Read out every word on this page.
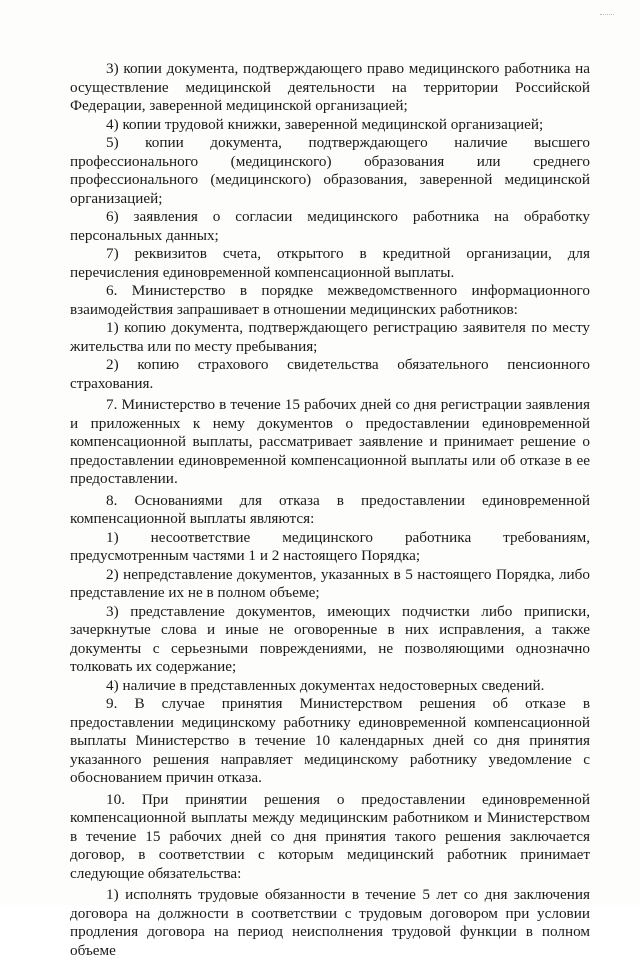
3) копии документа, подтверждающего право медицинского работника на осуществление медицинской деятельности на территории Российской Федерации, заверенной медицинской организацией;

4) копии трудовой книжки, заверенной медицинской организацией;

5) копии документа, подтверждающего наличие высшего профессионального (медицинского) образования или среднего профессионального (медицинского) образования, заверенной медицинской организацией;

6) заявления о согласии медицинского работника на обработку персональных данных;

7) реквизитов счета, открытого в кредитной организации, для перечисления единовременной компенсационной выплаты.

6. Министерство в порядке межведомственного информационного взаимодействия запрашивает в отношении медицинских работников:

1) копию документа, подтверждающего регистрацию заявителя по месту жительства или по месту пребывания;

2) копию страхового свидетельства обязательного пенсионного страхования.

7. Министерство в течение 15 рабочих дней со дня регистрации заявления и приложенных к нему документов о предоставлении единовременной компенсационной выплаты, рассматривает заявление и принимает решение о предоставлении единовременной компенсационной выплаты или об отказе в ее предоставлении.

8. Основаниями для отказа в предоставлении единовременной компенсационной выплаты являются:

1) несоответствие медицинского работника требованиям, предусмотренным частями 1 и 2 настоящего Порядка;

2) непредставление документов, указанных в 5 настоящего Порядка, либо представление их не в полном объеме;

3) представление документов, имеющих подчистки либо приписки, зачеркнутые слова и иные не оговоренные в них исправления, а также документы с серьезными повреждениями, не позволяющими однозначно толковать их содержание;

4) наличие в представленных документах недостоверных сведений.

9. В случае принятия Министерством решения об отказе в предоставлении медицинскому работнику единовременной компенсационной выплаты Министерство в течение 10 календарных дней со дня принятия указанного решения направляет медицинскому работнику уведомление с обоснованием причин отказа.

10. При принятии решения о предоставлении единовременной компенсационной выплаты между медицинским работником и Министерством в течение 15 рабочих дней со дня принятия такого решения заключается договор, в соответствии с которым медицинский работник принимает следующие обязательства:

1) исполнять трудовые обязанности в течение 5 лет со дня заключения договора на должности в соответствии с трудовым договором при условии продления договора на период неисполнения трудовой функции в полном объеме
